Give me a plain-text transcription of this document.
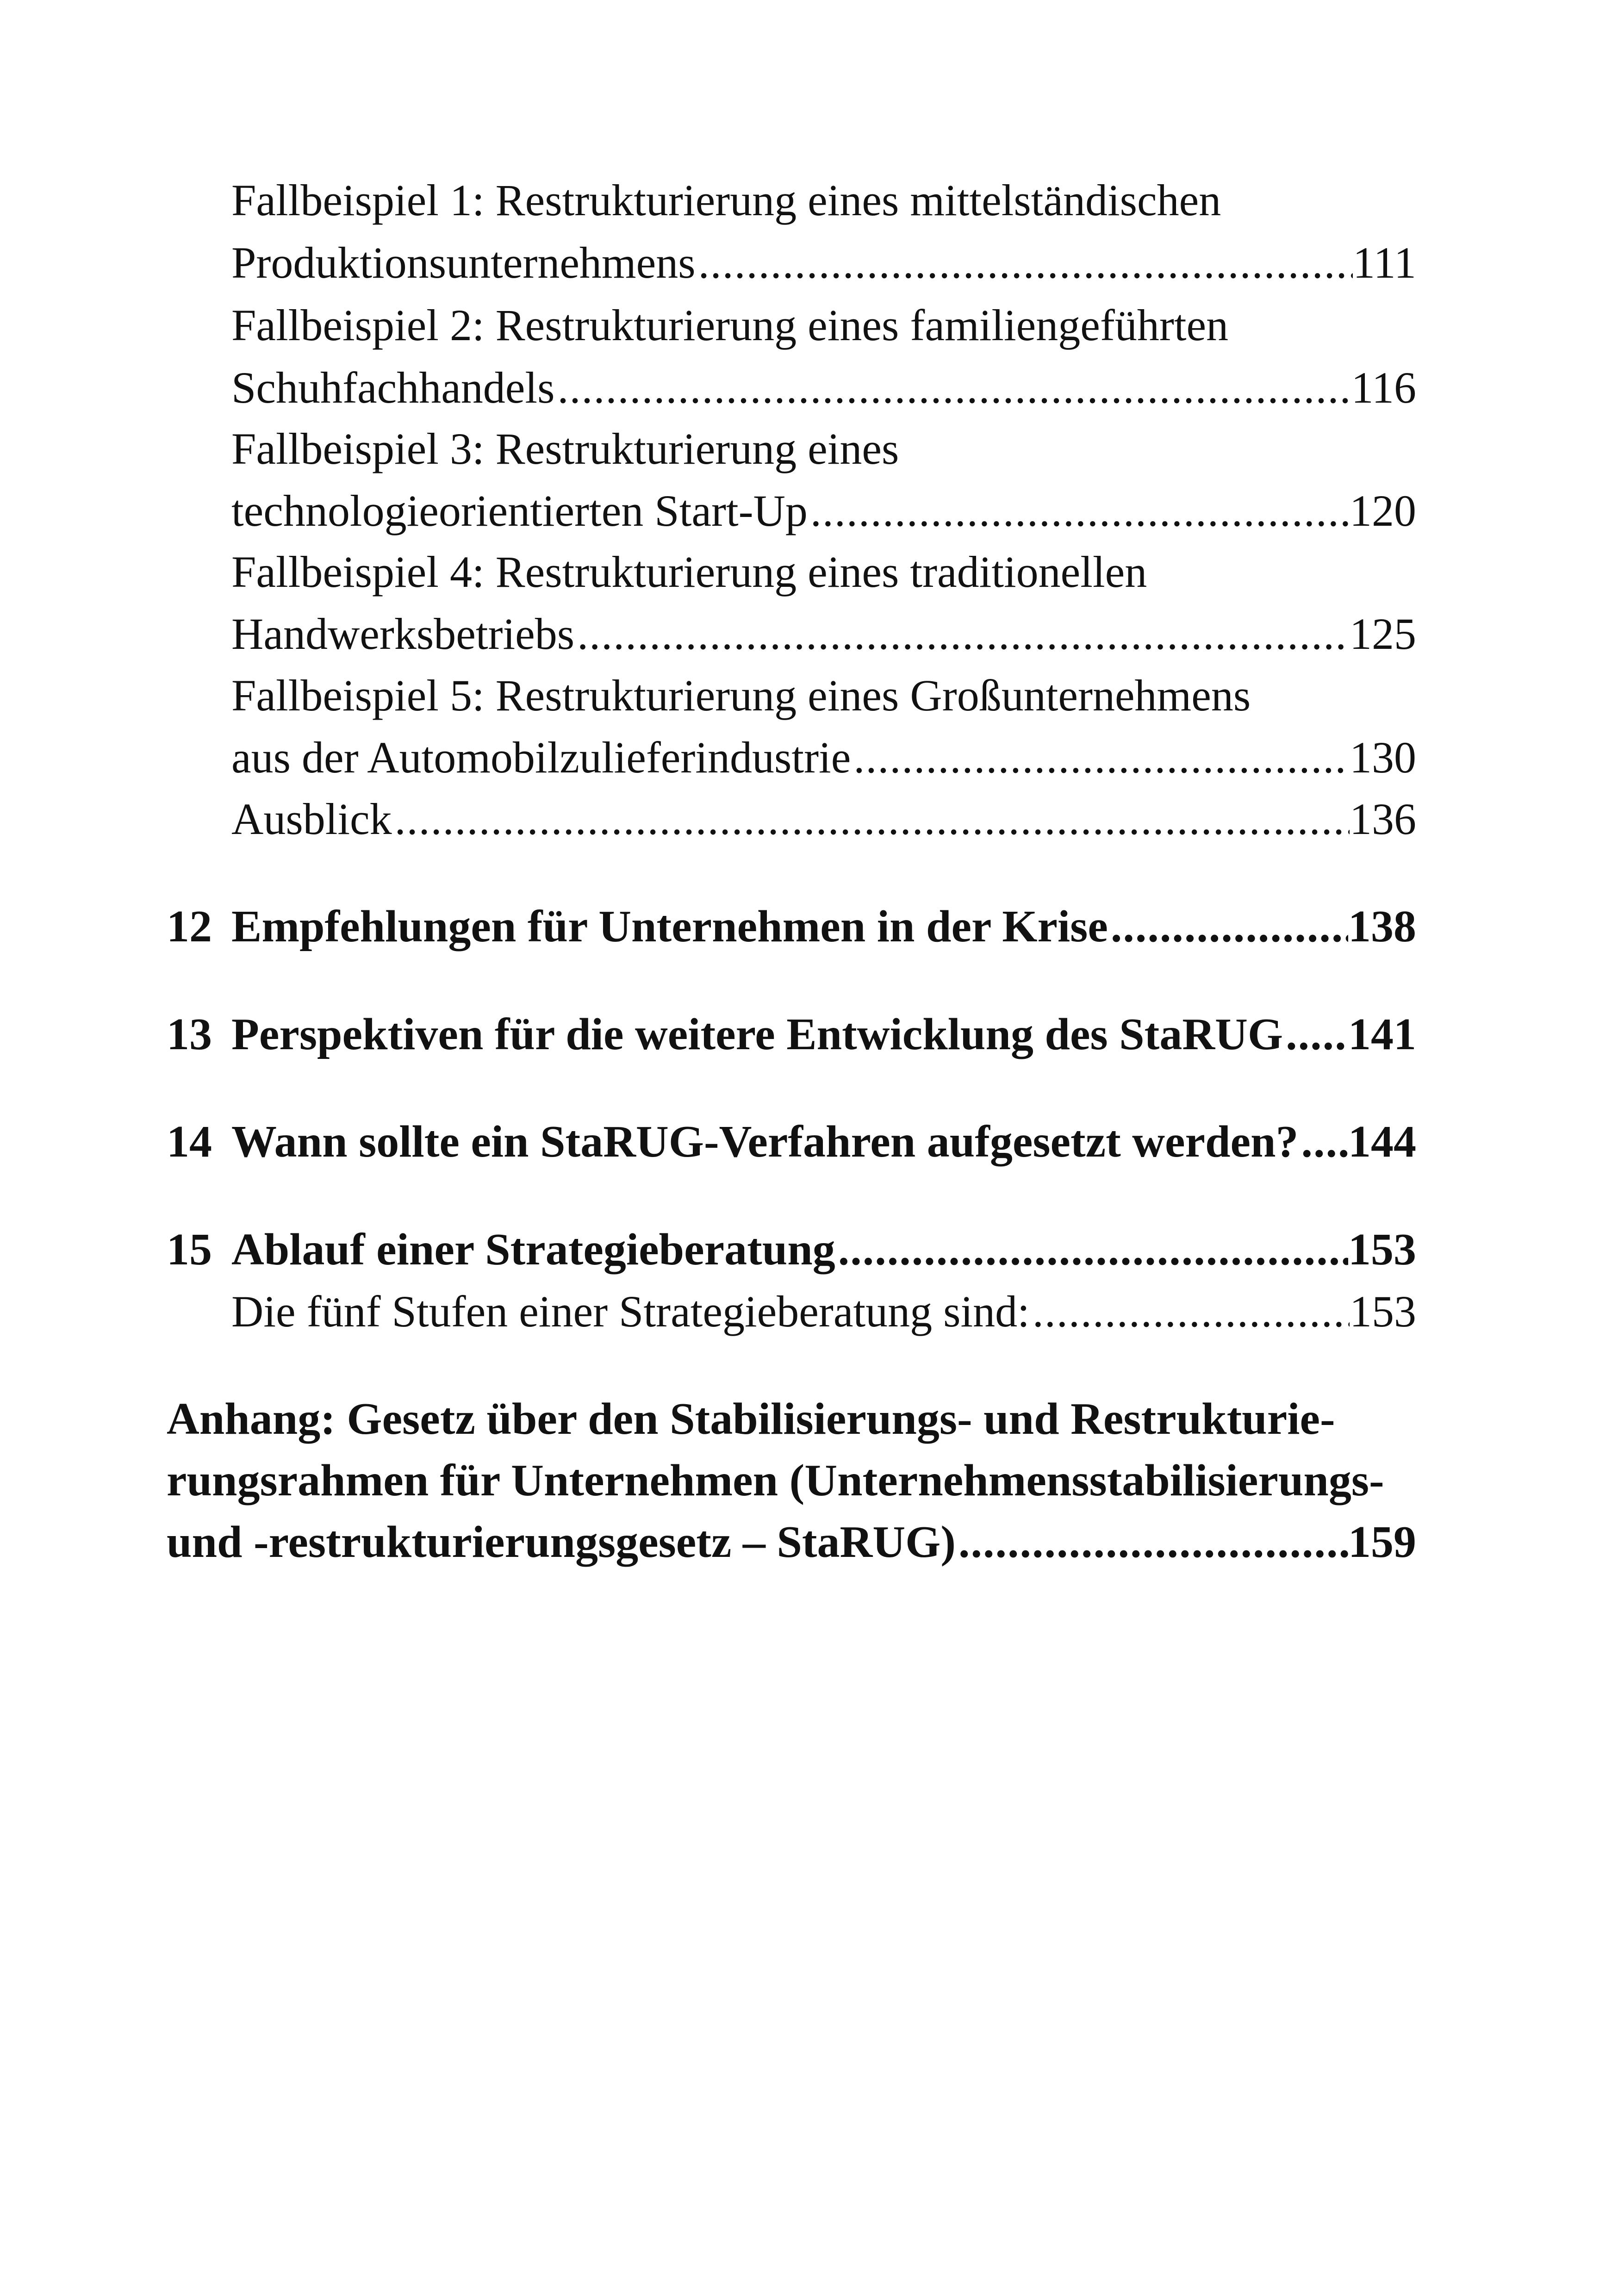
Fallbeispiel 1: Restrukturierung eines mittelständischen
Produktionsunternehmens .....	111
Fallbeispiel 2: Restrukturierung eines familiengeführten
Schuhfachhandels .....	116
Fallbeispiel 3: Restrukturierung eines
technologieorientierten Start-Up .....	120
Fallbeispiel 4: Restrukturierung eines traditionellen
Handwerksbetriebs .....	125
Fallbeispiel 5: Restrukturierung eines Großunternehmens
aus der Automobilzulieferindustrie .....	130
Ausblick .....	136
12 Empfehlungen für Unternehmen in der Krise .....	138
13 Perspektiven für die weitere Entwicklung des StaRUG ..... 141
14 Wann sollte ein StaRUG-Verfahren aufgesetzt werden? ..... 144
15 Ablauf einer Strategieberatung .....	153
Die fünf Stufen einer Strategieberatung sind: .....	153
Anhang: Gesetz über den Stabilisierungs- und Restrukturie-
rungsrahmen für Unternehmen (Unternehmensstabilisierungs-
und -restrukturierungsgesetz – StaRUG) .....	159
